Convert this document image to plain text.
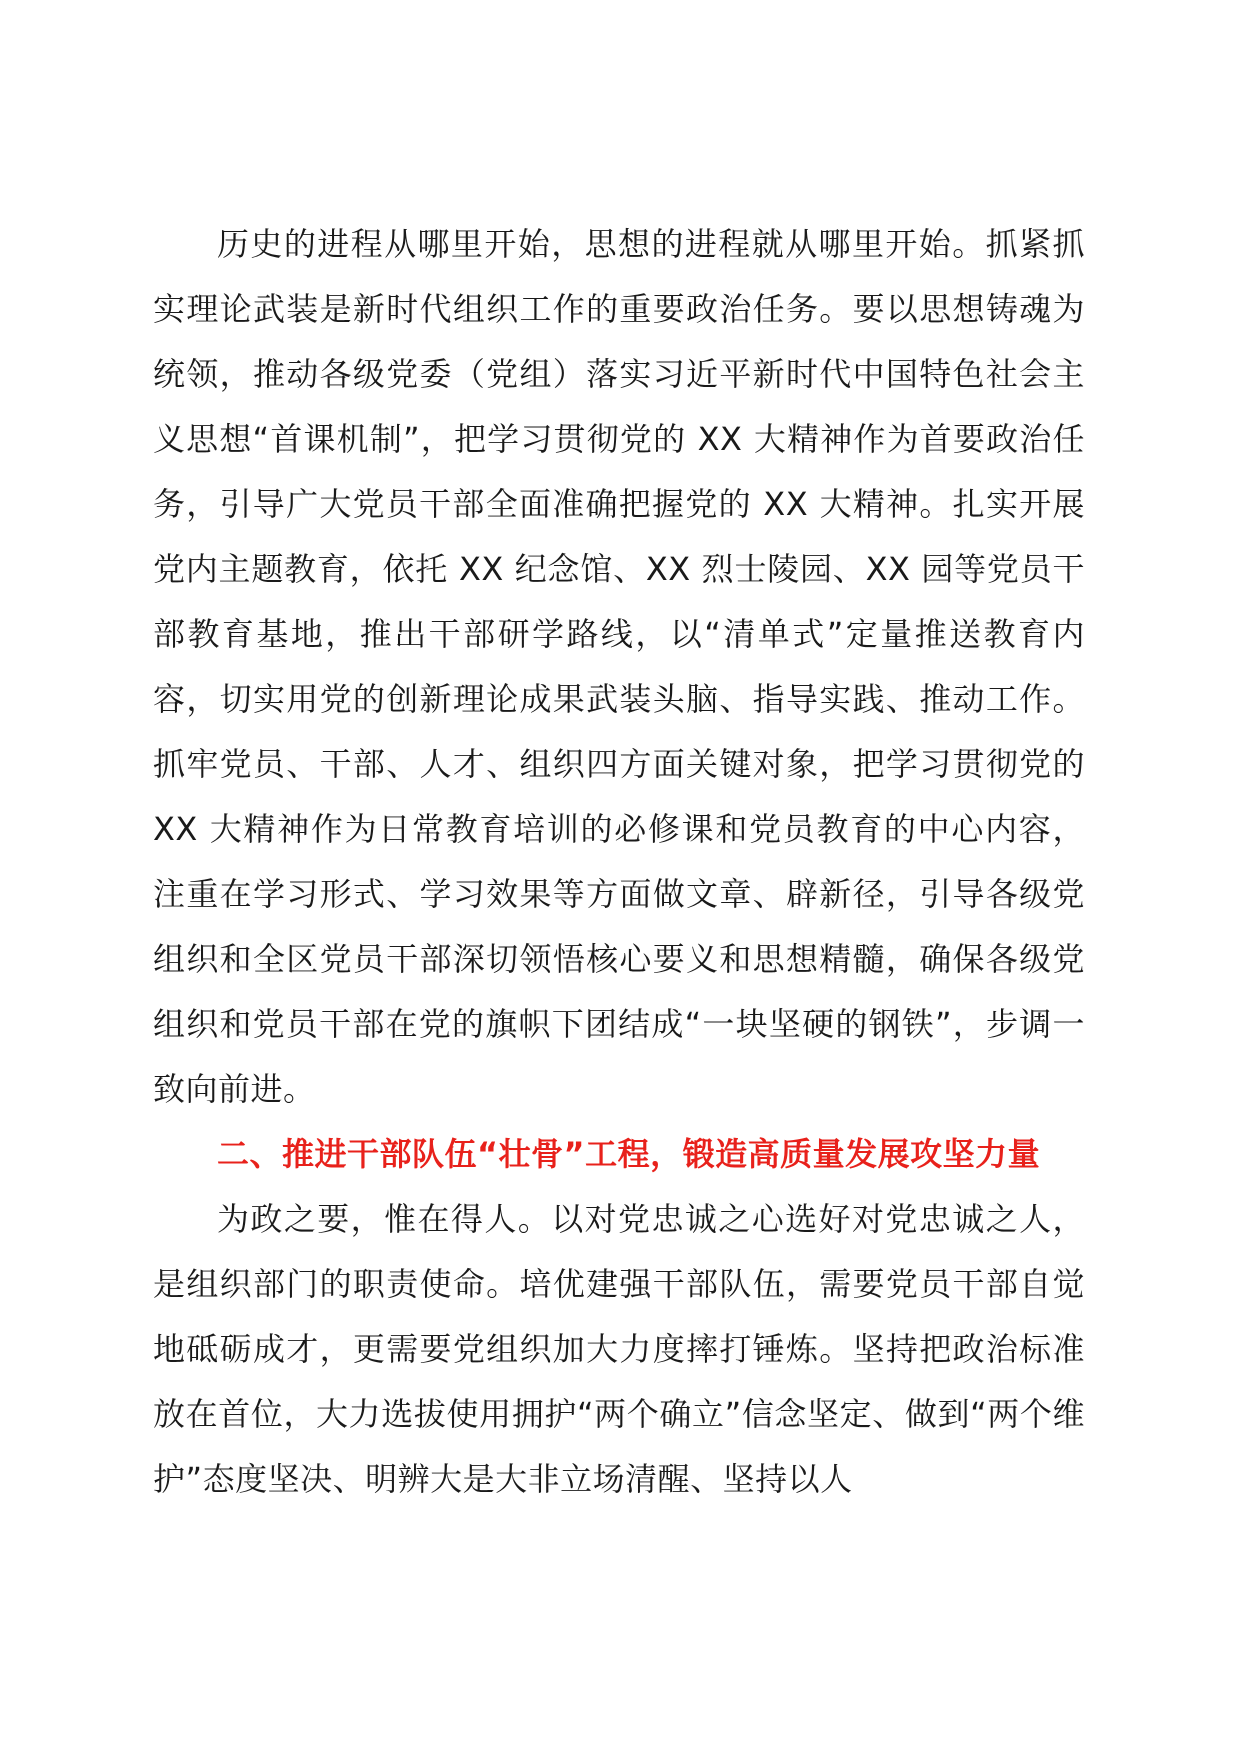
历史的进程从哪里开始，思想的进程就从哪里开始。抓紧抓实理论武装是新时代组织工作的重要政治任务。要以思想铸魂为统领，推动各级党委（党组）落实习近平新时代中国特色社会主义思想“首课机制”，把学习贯彻党的 XX 大精神作为首要政治任务，引导广大党员干部全面准确把握党的 XX 大精神。扎实开展党内主题教育，依托 XX 纪念馆、XX 烈士陵园、XX 园等党员干部教育基地，推出干部研学路线，以“清单式”定量推送教育内容，切实用党的创新理论成果武装头脑、指导实践、推动工作。抓牢党员、干部、人才、组织四方面关键对象，把学习贯彻党的 XX 大精神作为日常教育培训的必修课和党员教育的中心内容，注重在学习形式、学习效果等方面做文章、辟新径，引导各级党组织和全区党员干部深切领悟核心要义和思想精髓，确保各级党组织和党员干部在党的旗帜下团结成“一块坚硬的钢铁”，步调一致向前进。

二、推进干部队伍“壮骨”工程，锻造高质量发展攻坚力量

为政之要，惟在得人。以对党忠诚之心选好对党忠诚之人，是组织部门的职责使命。培优建强干部队伍，需要党员干部自觉地砥砺成才，更需要党组织加大力度摔打锤炼。坚持把政治标准放在首位，大力选拔使用拥护“两个确立”信念坚定、做到“两个维护”态度坚决、明辨大是大非立场清醒、坚持以人
